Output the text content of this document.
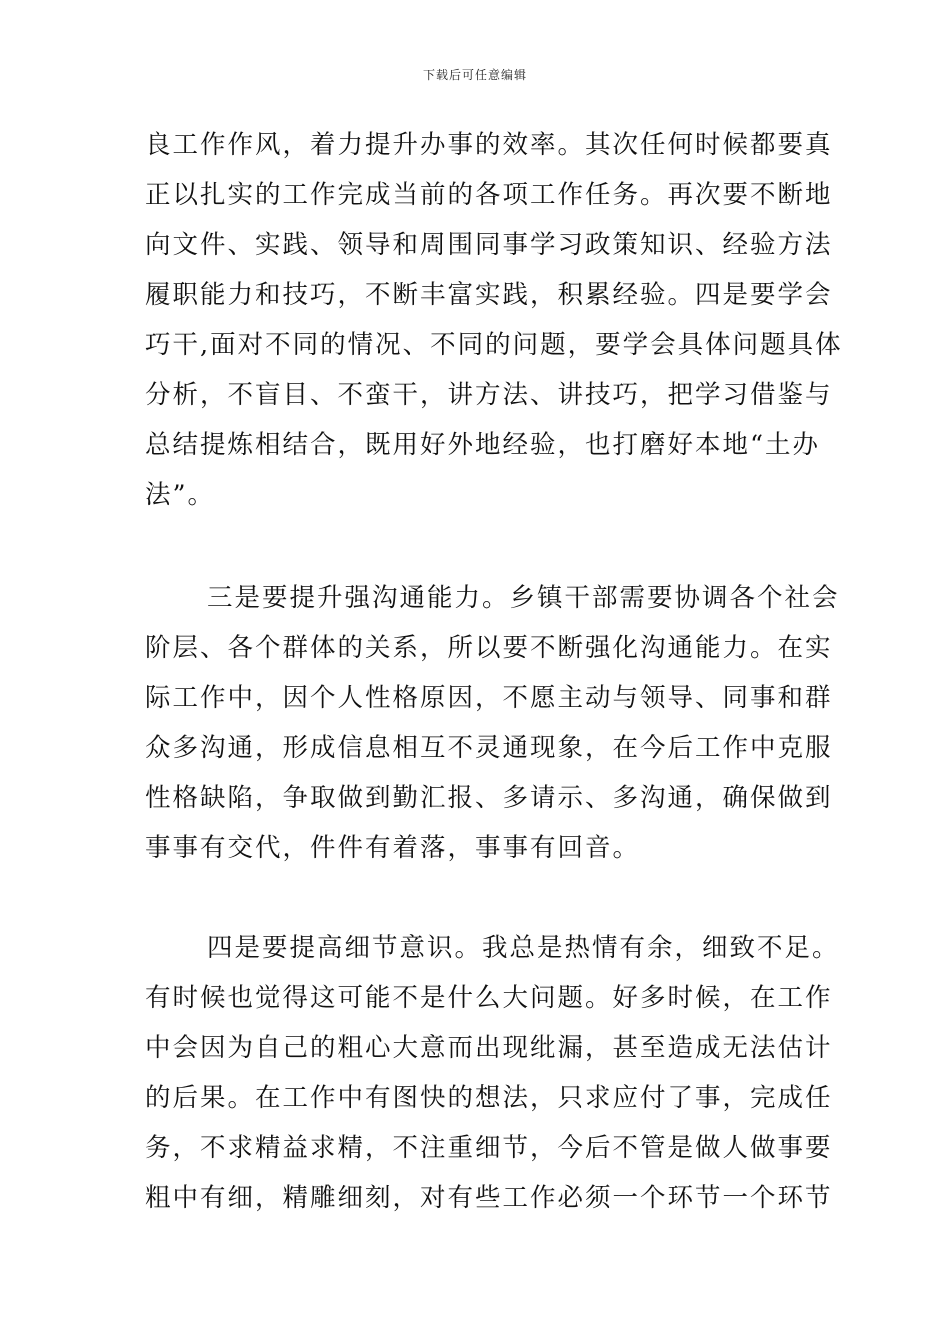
下载后可任意编辑
良工作作风，着力提升办事的效率。其次任何时候都要真
正以扎实的工作完成当前的各项工作任务。再次要不断地
向文件、实践、领导和周围同事学习政策知识、经验方法
履职能力和技巧，不断丰富实践，积累经验。四是要学会
巧干,面对不同的情况、不同的问题，要学会具体问题具体
分析，不盲目、不蛮干，讲方法、讲技巧，把学习借鉴与
总结提炼相结合，既用好外地经验，也打磨好本地“土办
法”。
三是要提升强沟通能力。乡镇干部需要协调各个社会
阶层、各个群体的关系，所以要不断强化沟通能力。在实
际工作中，因个人性格原因，不愿主动与领导、同事和群
众多沟通，形成信息相互不灵通现象，在今后工作中克服
性格缺陷，争取做到勤汇报、多请示、多沟通，确保做到
事事有交代，件件有着落，事事有回音。
四是要提高细节意识。我总是热情有余，细致不足。
有时候也觉得这可能不是什么大问题。好多时候，在工作
中会因为自己的粗心大意而出现纰漏，甚至造成无法估计
的后果。在工作中有图快的想法，只求应付了事，完成任
务，不求精益求精，不注重细节，今后不管是做人做事要
粗中有细，精雕细刻，对有些工作必须一个环节一个环节
